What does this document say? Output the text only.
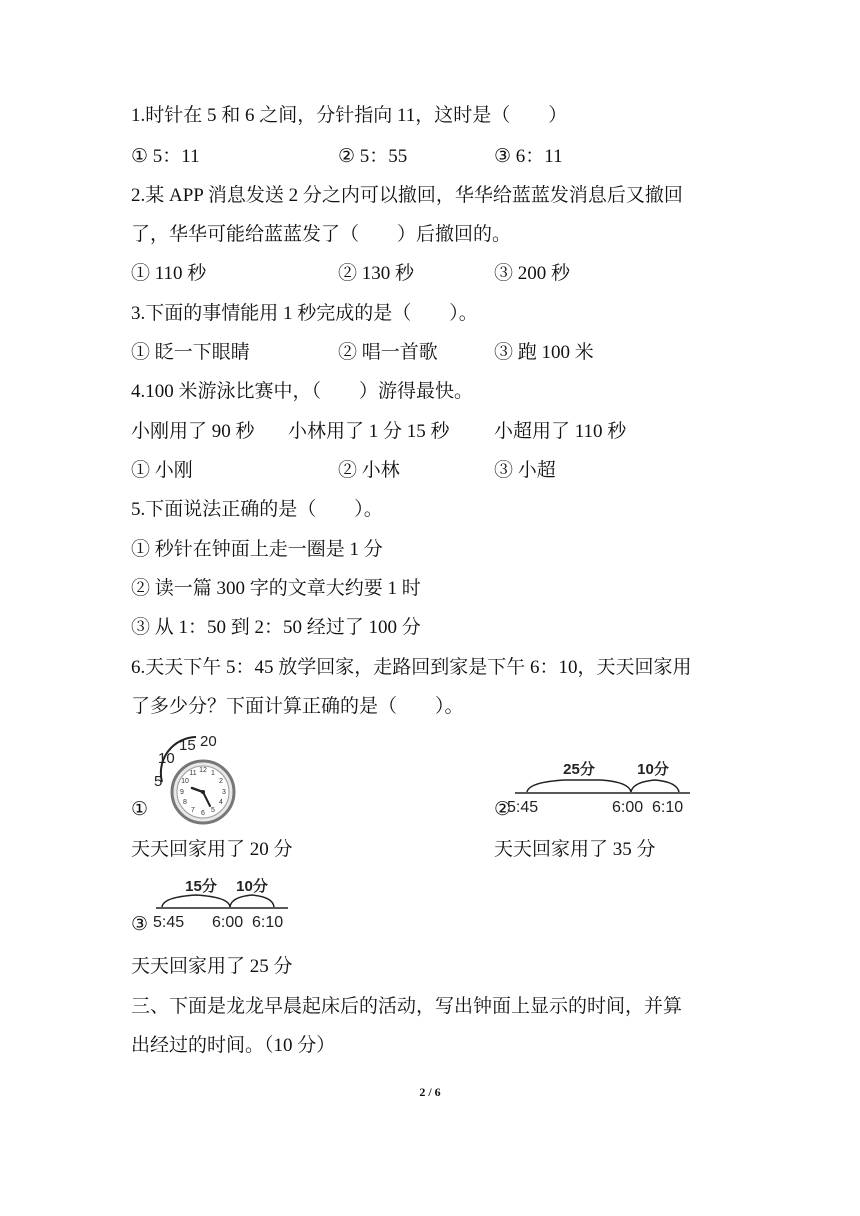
1.时针在 5 和 6 之间，分针指向 11，这时是（　　）
① 5：11	② 5：55	③ 6：11
2.某 APP 消息发送 2 分之内可以撤回，华华给蓝蓝发消息后又撤回
了，华华可能给蓝蓝发了（　　）后撤回的。
① 110 秒	② 130 秒	③ 200 秒
3.下面的事情能用 1 秒完成的是（　　）。
① 眨一下眼睛	② 唱一首歌	③ 跑 100 米
4.100 米游泳比赛中，（　　）游得最快。
小刚用了 90 秒 小林用了 1 分 15 秒 小超用了 110 秒
① 小刚	② 小林	③ 小超
5.下面说法正确的是（　　）。
① 秒针在钟面上走一圈是 1 分
② 读一篇 300 字的文章大约要 1 时
③ 从 1：50 到 2：50 经过了 100 分
6.天天下午 5：45 放学回家，走路回到家是下午 6：10，天天回家用
了多少分？下面计算正确的是（　　）。
①
5
10
15 20
12 1
2
3
4
5
6
7
8
9
10
11
天天回家用了 20 分
②
25分	10分
5:45	6:00 6:10
天天回家用了 35 分
③
15分 10分
5:45 6:00 6:10
天天回家用了 25 分
三、下面是龙龙早晨起床后的活动，写出钟面上显示的时间，并算
出经过的时间。（10 分）
2 / 6
